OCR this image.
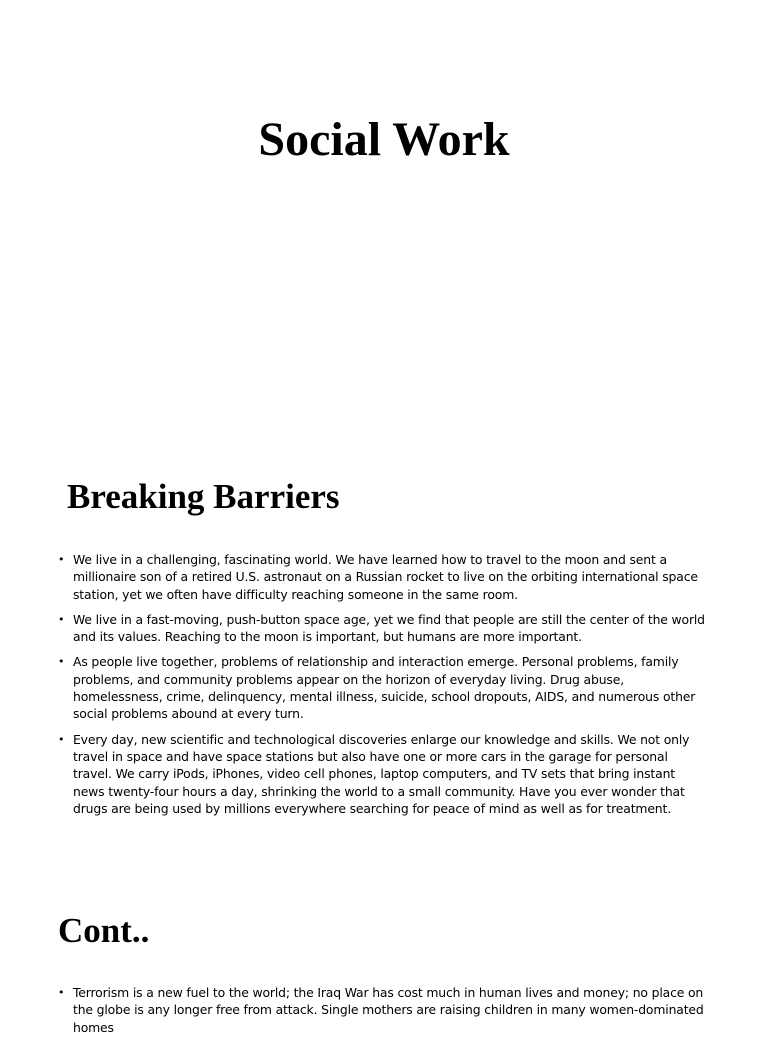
Social Work
Breaking Barriers
• We live in a challenging, fascinating world. We have learned how to travel to the moon and sent a millionaire son of a retired U.S. astronaut on a Russian rocket to live on the orbiting international space station, yet we often have difficulty reaching someone in the same room.
• We live in a fast-moving, push-button space age, yet we find that people are still the center of the world and its values. Reaching to the moon is important, but humans are more important.
• As people live together, problems of relationship and interaction emerge. Personal problems, family problems, and community problems appear on the horizon of everyday living. Drug abuse, homelessness, crime, delinquency, mental illness, suicide, school dropouts, AIDS, and numerous other social problems abound at every turn.
• Every day, new scientific and technological discoveries enlarge our knowledge and skills. We not only travel in space and have space stations but also have one or more cars in the garage for personal travel. We carry iPods, iPhones, video cell phones, laptop computers, and TV sets that bring instant news twenty-four hours a day, shrinking the world to a small community. Have you ever wonder that drugs are being used by millions everywhere searching for peace of mind as well as for treatment.
Cont..
• Terrorism is a new fuel to the world; the Iraq War has cost much in human lives and money; no place on the globe is any longer free from attack. Single mothers are raising children in many women-dominated homes
